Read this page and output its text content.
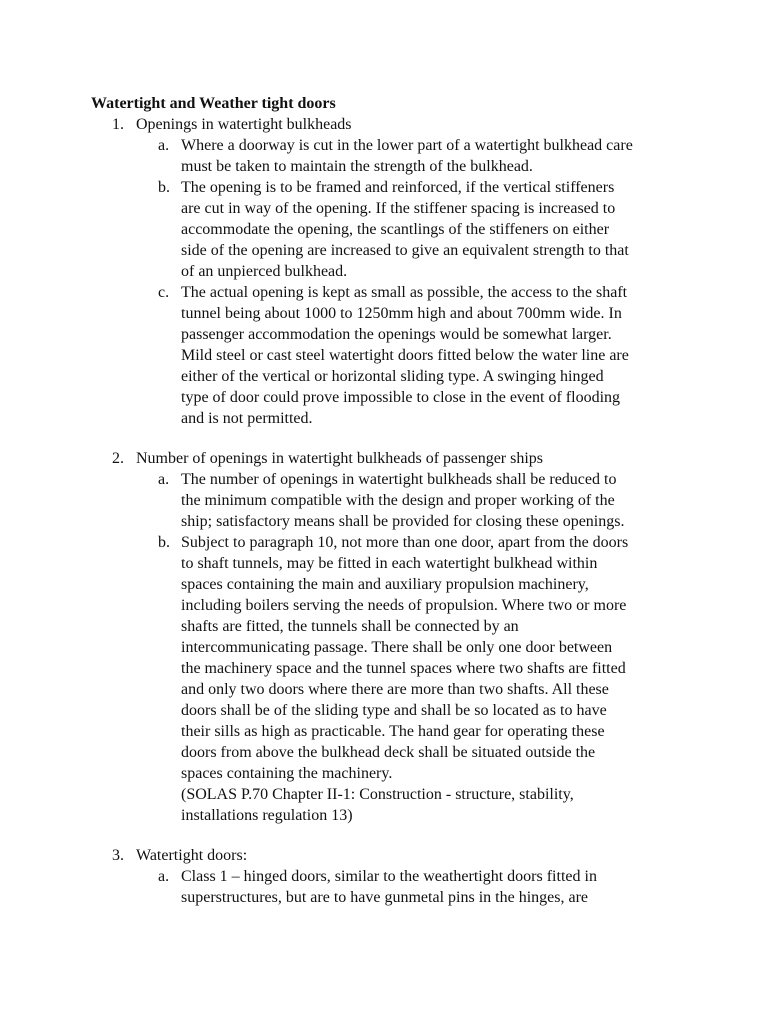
Watertight and Weather tight doors
1. Openings in watertight bulkheads
a. Where a doorway is cut in the lower part of a watertight bulkhead care
must be taken to maintain the strength of the bulkhead.
b. The opening is to be framed and reinforced, if the vertical stiffeners
are cut in way of the opening. If the stiffener spacing is increased to
accommodate the opening, the scantlings of the stiffeners on either
side of the opening are increased to give an equivalent strength to that
of an unpierced bulkhead.
c. The actual opening is kept as small as possible, the access to the shaft
tunnel being about 1000 to 1250mm high and about 700mm wide. In
passenger accommodation the openings would be somewhat larger.
Mild steel or cast steel watertight doors fitted below the water line are
either of the vertical or horizontal sliding type. A swinging hinged
type of door could prove impossible to close in the event of flooding
and is not permitted.
2. Number of openings in watertight bulkheads of passenger ships
a. The number of openings in watertight bulkheads shall be reduced to
the minimum compatible with the design and proper working of the
ship; satisfactory means shall be provided for closing these openings.
b. Subject to paragraph 10, not more than one door, apart from the doors
to shaft tunnels, may be fitted in each watertight bulkhead within
spaces containing the main and auxiliary propulsion machinery,
including boilers serving the needs of propulsion. Where two or more
shafts are fitted, the tunnels shall be connected by an
intercommunicating passage. There shall be only one door between
the machinery space and the tunnel spaces where two shafts are fitted
and only two doors where there are more than two shafts. All these
doors shall be of the sliding type and shall be so located as to have
their sills as high as practicable. The hand gear for operating these
doors from above the bulkhead deck shall be situated outside the
spaces containing the machinery.
(SOLAS P.70 Chapter II-1: Construction - structure, stability,
installations regulation 13)
3. Watertight doors:
a. Class 1 – hinged doors, similar to the weathertight doors fitted in
superstructures, but are to have gunmetal pins in the hinges, are
